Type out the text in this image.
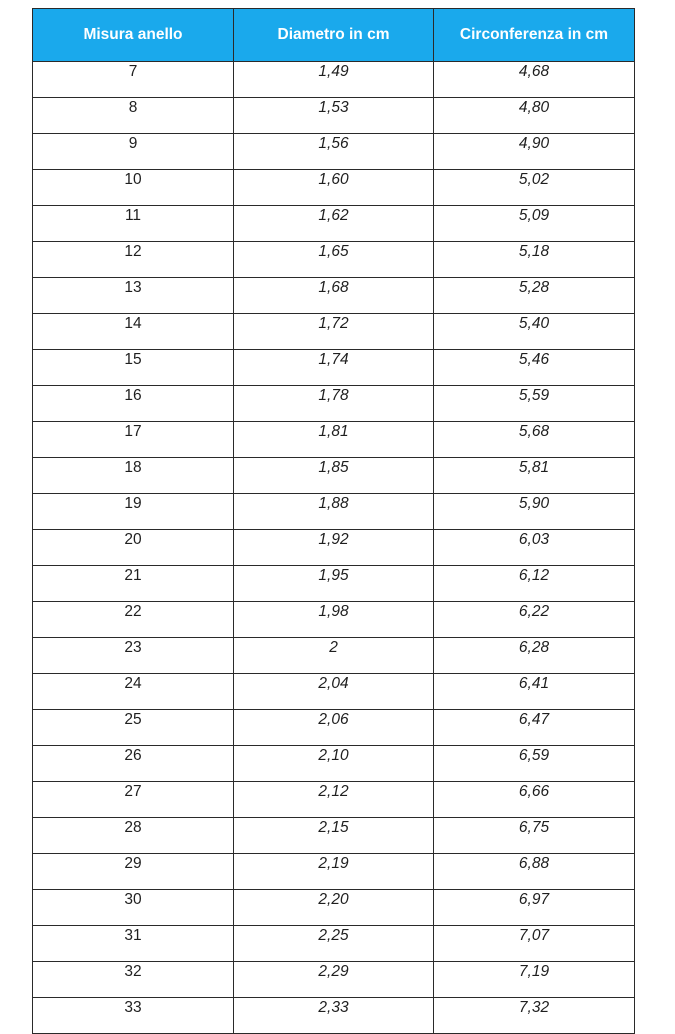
Misura anello	Diametro in cm	Circonferenza in cm
7	1,49	4,68
8	1,53	4,80
9	1,56	4,90
10	1,60	5,02
11	1,62	5,09
12	1,65	5,18
13	1,68	5,28
14	1,72	5,40
15	1,74	5,46
16	1,78	5,59
17	1,81	5,68
18	1,85	5,81
19	1,88	5,90
20	1,92	6,03
21	1,95	6,12
22	1,98	6,22
23	2	6,28
24	2,04	6,41
25	2,06	6,47
26	2,10	6,59
27	2,12	6,66
28	2,15	6,75
29	2,19	6,88
30	2,20	6,97
31	2,25	7,07
32	2,29	7,19
33	2,33	7,32
